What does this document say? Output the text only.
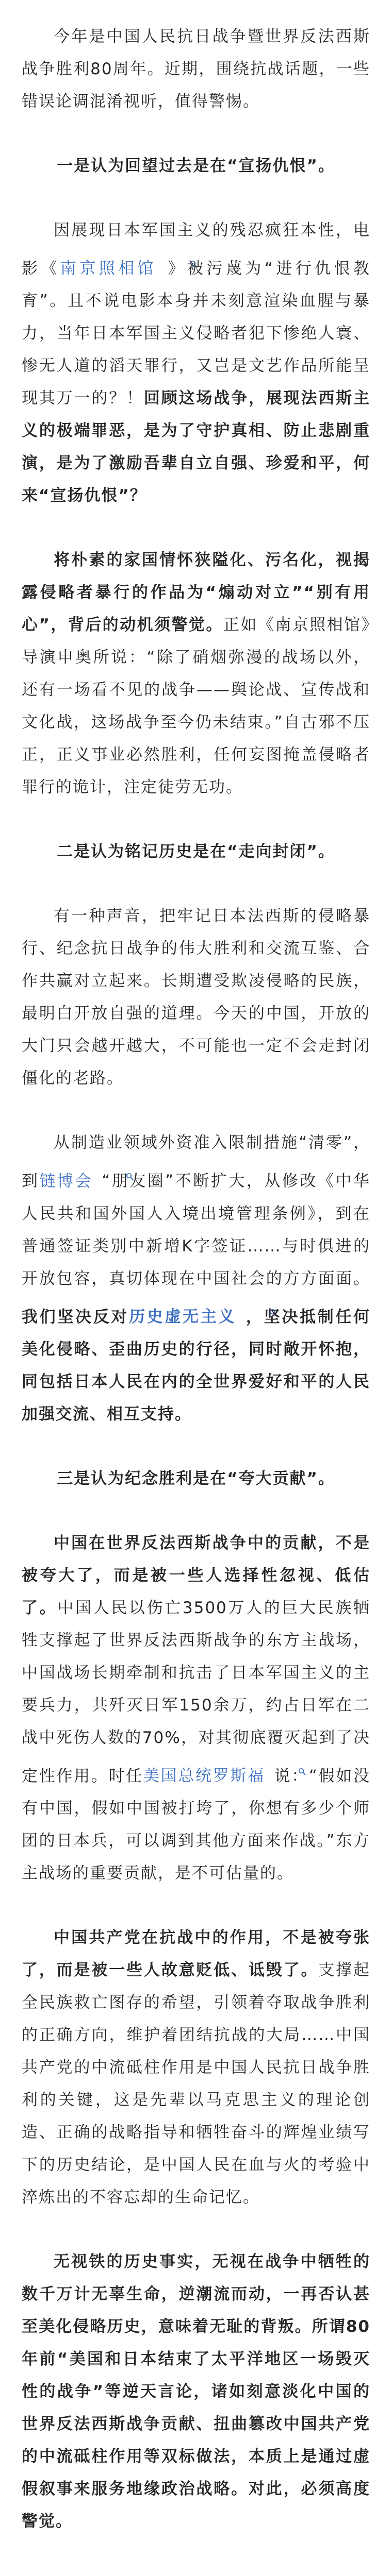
今年是中国人民抗日战争暨世界反法西斯战争胜利80周年。近期，围绕抗战话题，一些错误论调混淆视听，值得警惕。

一是认为回望过去是在“宣扬仇恨”。

因展现日本军国主义的残忍疯狂本性，电影《南京照相馆 》被污蔑为“进行仇恨教育”。且不说电影本身并未刻意渲染血腥与暴力，当年日本军国主义侵略者犯下惨绝人寰、惨无人道的滔天罪行，又岂是文艺作品所能呈现其万一的？！回顾这场战争，展现法西斯主义的极端罪恶，是为了守护真相、防止悲剧重演，是为了激励吾辈自立自强、珍爱和平，何来“宣扬仇恨”？

将朴素的家国情怀狭隘化、污名化，视揭露侵略者暴行的作品为“煽动对立”“别有用心”，背后的动机须警觉。正如《南京照相馆》导演申奥所说：“除了硝烟弥漫的战场以外，还有一场看不见的战争——舆论战、宣传战和文化战，这场战争至今仍未结束。”自古邪不压正，正义事业必然胜利，任何妄图掩盖侵略者罪行的诡计，注定徒劳无功。

二是认为铭记历史是在“走向封闭”。

有一种声音，把牢记日本法西斯的侵略暴行、纪念抗日战争的伟大胜利和交流互鉴、合作共赢对立起来。长期遭受欺凌侵略的民族，最明白开放自强的道理。今天的中国，开放的大门只会越开越大，不可能也一定不会走封闭僵化的老路。

从制造业领域外资准入限制措施“清零”，到链博会 “朋友圈”不断扩大，从修改《中华人民共和国外国人入境出境管理条例》，到在普通签证类别中新增K字签证……与时俱进的开放包容，真切体现在中国社会的方方面面。我们坚决反对历史虚无主义 ，坚决抵制任何美化侵略、歪曲历史的行径，同时敞开怀抱，同包括日本人民在内的全世界爱好和平的人民加强交流、相互支持。

三是认为纪念胜利是在“夸大贡献”。

中国在世界反法西斯战争中的贡献，不是被夸大了，而是被一些人选择性忽视、低估了。中国人民以伤亡3500万人的巨大民族牺牲支撑起了世界反法西斯战争的东方主战场，中国战场长期牵制和抗击了日本军国主义的主要兵力，共歼灭日军150余万，约占日军在二战中死伤人数的70%，对其彻底覆灭起到了决定性作用。时任美国总统罗斯福 说：“假如没有中国，假如中国被打垮了，你想有多少个师团的日本兵，可以调到其他方面来作战。”东方主战场的重要贡献，是不可估量的。

中国共产党在抗战中的作用，不是被夸张了，而是被一些人故意贬低、诋毁了。支撑起全民族救亡图存的希望，引领着夺取战争胜利的正确方向，维护着团结抗战的大局……中国共产党的中流砥柱作用是中国人民抗日战争胜利的关键，这是先辈以马克思主义的理论创造、正确的战略指导和牺牲奋斗的辉煌业绩写下的历史结论，是中国人民在血与火的考验中淬炼出的不容忘却的生命记忆。

无视铁的历史事实，无视在战争中牺牲的数千万计无辜生命，逆潮流而动，一再否认甚至美化侵略历史，意味着无耻的背叛。所谓80年前“美国和日本结束了太平洋地区一场毁灭性的战争”等逆天言论，诸如刻意淡化中国的世界反法西斯战争贡献、扭曲篡改中国共产党的中流砥柱作用等双标做法，本质上是通过虚假叙事来服务地缘政治战略。对此，必须高度警觉。
